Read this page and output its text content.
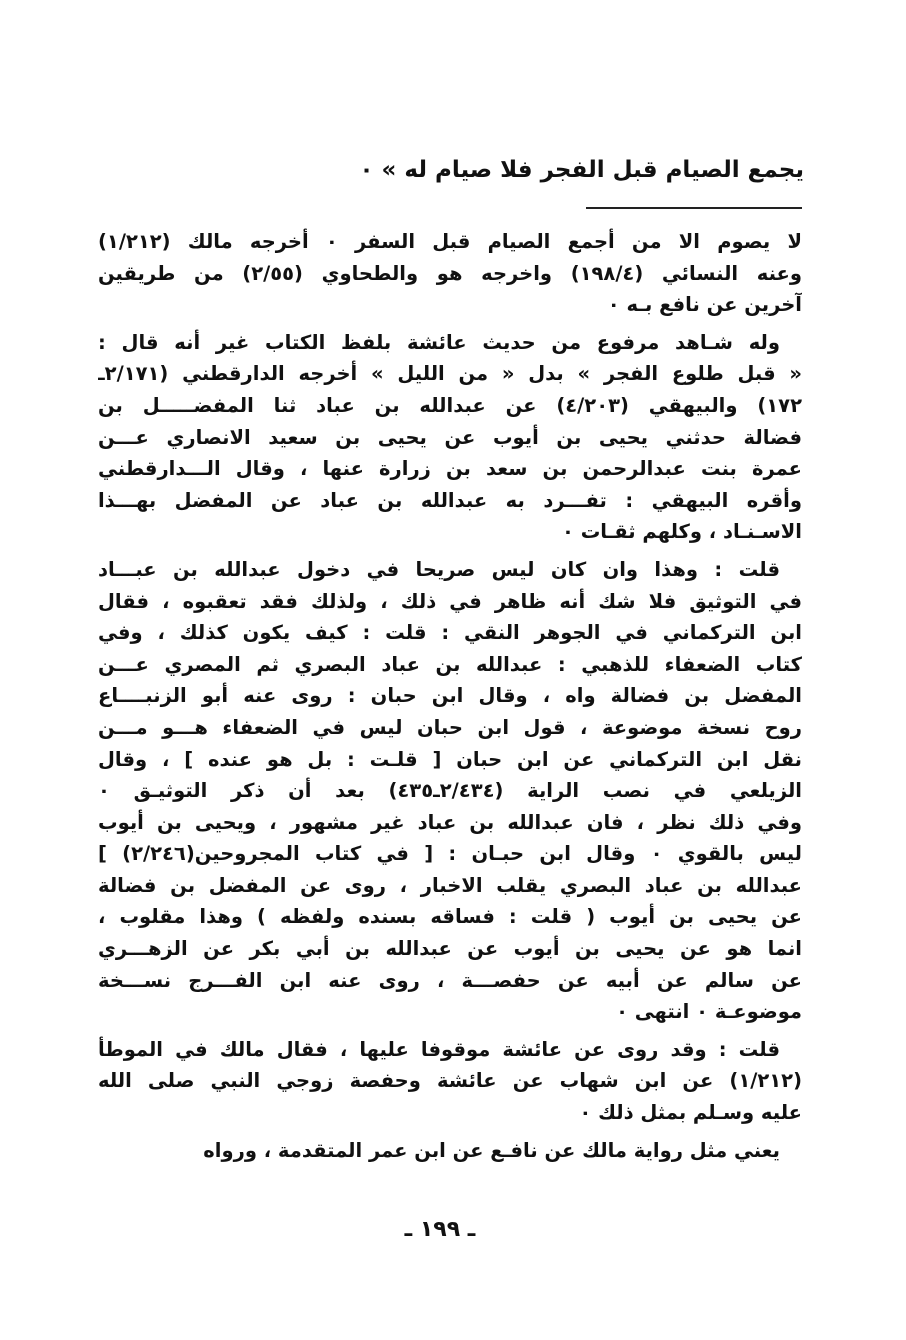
يجمع الصيام قبل الفجر فلا صيام له » ٠
لا يصوم الا من أجمع الصيام قبل السفر ٠ أخرجه مالك (١/٢١٢)
وعنه النسائي (١٩٨/٤) واخرجه هو والطحاوي (٢/٥٥) من طريقين
آخرين عن نافع بـه ٠
وله شـاهد مرفوع من حديث عائشة بلفظ الكتاب غير أنه قال :
« قبل طلوع الفجر » بدل « من الليل » أخرجه الدارقطني (٢/١٧١ـ
١٧٢) والبيهقي (٤/٢٠٣) عن عبدالله بن عباد ثنا المفضـــــل بن
فضالة حدثني يحيى بن أيوب عن يحيى بن سعيد الانصاري عـــن
عمرة بنت عبدالرحمن بن سعد بن زرارة عنها ، وقال الـــدارقطني
وأقره البيهقي : تفـــرد به عبدالله بن عباد عن المفضل بهـــذا
الاسـنـاد ، وكلهم ثقـات ٠
قلت : وهذا وان كان ليس صريحا في دخول عبدالله بن عبـــاد
في التوثيق فلا شك أنه ظاهر في ذلك ، ولذلك فقد تعقبوه ، فقال
ابن التركماني في الجوهر النقي : قلت : كيف يكون كذلك ، وفي
كتاب الضعفاء للذهبي : عبدالله بن عباد البصري ثم المصري عـــن
المفضل بن فضالة واه ، وقال ابن حبان : روى عنه أبو الزنبــــاع
روح نسخة موضوعة ، قول ابن حبان ليس في الضعفاء هـــو مـــن
نقل ابن التركماني عن ابن حبان [ قلـت : بل هو عنده ] ، وقال
الزيلعي في نصب الراية (٢/٤٣٤ـ٤٣٥) بعد أن ذكر التوثيـق ٠
وفي ذلك نظر ، فان عبدالله بن عباد غير مشهور ، ويحيى بن أيوب
ليس بالقوي ٠ وقال ابن حبـان : [ في كتاب المجروحين(٢/٢٤٦) ]
عبدالله بن عباد البصري يقلب الاخبار ، روى عن المفضل بن فضالة
عن يحيى بن أيوب ( قلت : فساقه بسنده ولفظه ) وهذا مقلوب ،
انما هو عن يحيى بن أيوب عن عبدالله بن أبي بكر عن الزهـــري
عن سالم عن أبيه عن حفصـــة ، روى عنه ابن الفـــرج نســـخة
موضوعـة ٠ انتهى ٠
قلت : وقد روى عن عائشة موقوفا عليها ، فقال مالك في الموطأ
(١/٢١٢) عن ابن شهاب عن عائشة وحفصة زوجي النبي صلى الله
عليه وسـلم بمثل ذلك ٠
يعني مثل رواية مالك عن نافـع عن ابن عمر المتقدمة ، ورواه
ـ ١٩٩ ـ
